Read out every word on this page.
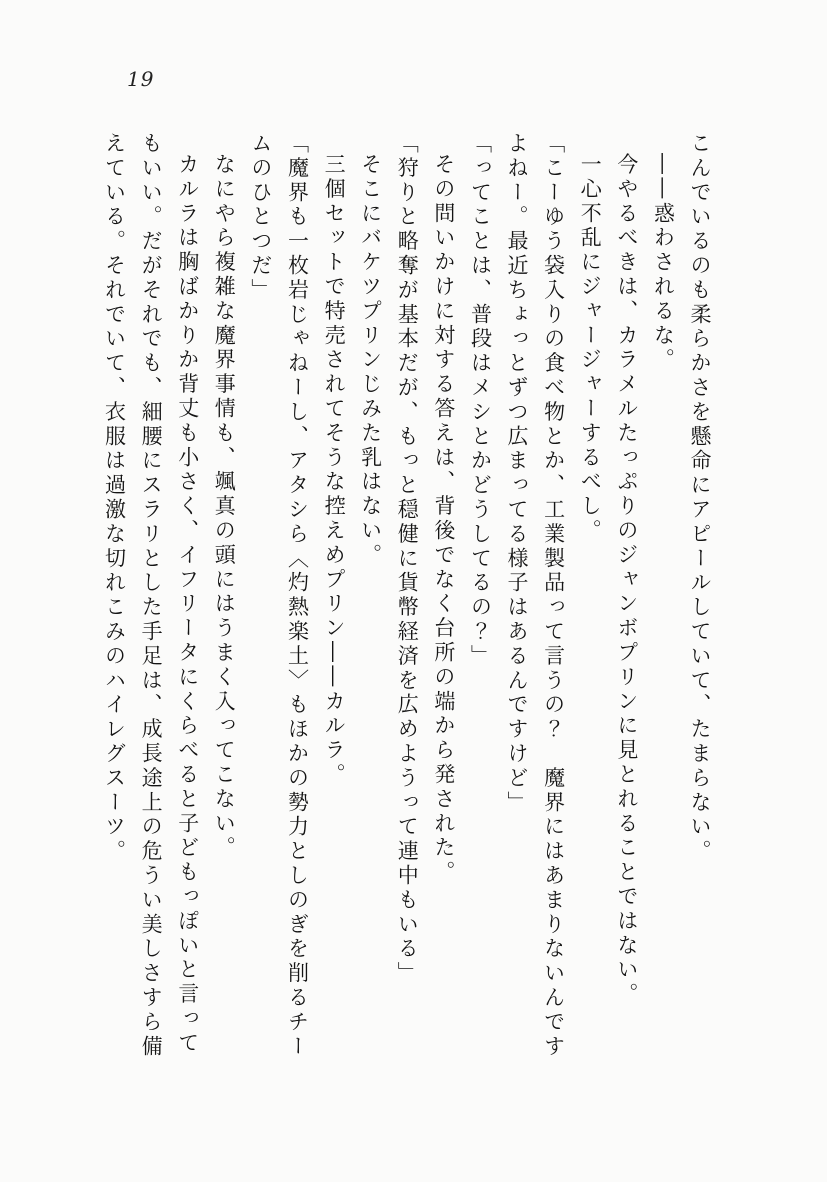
19

こんでいるのも柔らかさを懸命にアピールしていて、たまらない。

――惑わされるな。

今やるべきは、カラメルたっぷりのジャンボプリンに見とれることではない。

一心不乱にジャージャーするべし。

「こーゆう袋入りの食べ物とか、工業製品って言うの？　魔界にはあまりないんですよねー。最近ちょっとずつ広まってる様子はあるんですけど」

「ってことは、普段はメシとかどうしてるの？」

その問いかけに対する答えは、背後でなく台所の端から発された。

「狩りと略奪が基本だが、もっと穏健に貨幣経済を広めようって連中もいる」

そこにバケツプリンじみた乳はない。

三個セットで特売されてそうな控えめプリン――カルラ。

「魔界も一枚岩じゃねーし、アタシら〈灼熱楽土〉もほかの勢力としのぎを削るチームのひとつだ」

なにやら複雑な魔界事情も、颯真の頭にはうまく入ってこない。

カルラは胸ばかりか背丈も小さく、イフリータにくらべると子どもっぽいと言ってもいい。だがそれでも、細腰にスラリとした手足は、成長途上の危うい美しさすら備えている。それでいて、衣服は過激な切れこみのハイレグスーツ。
